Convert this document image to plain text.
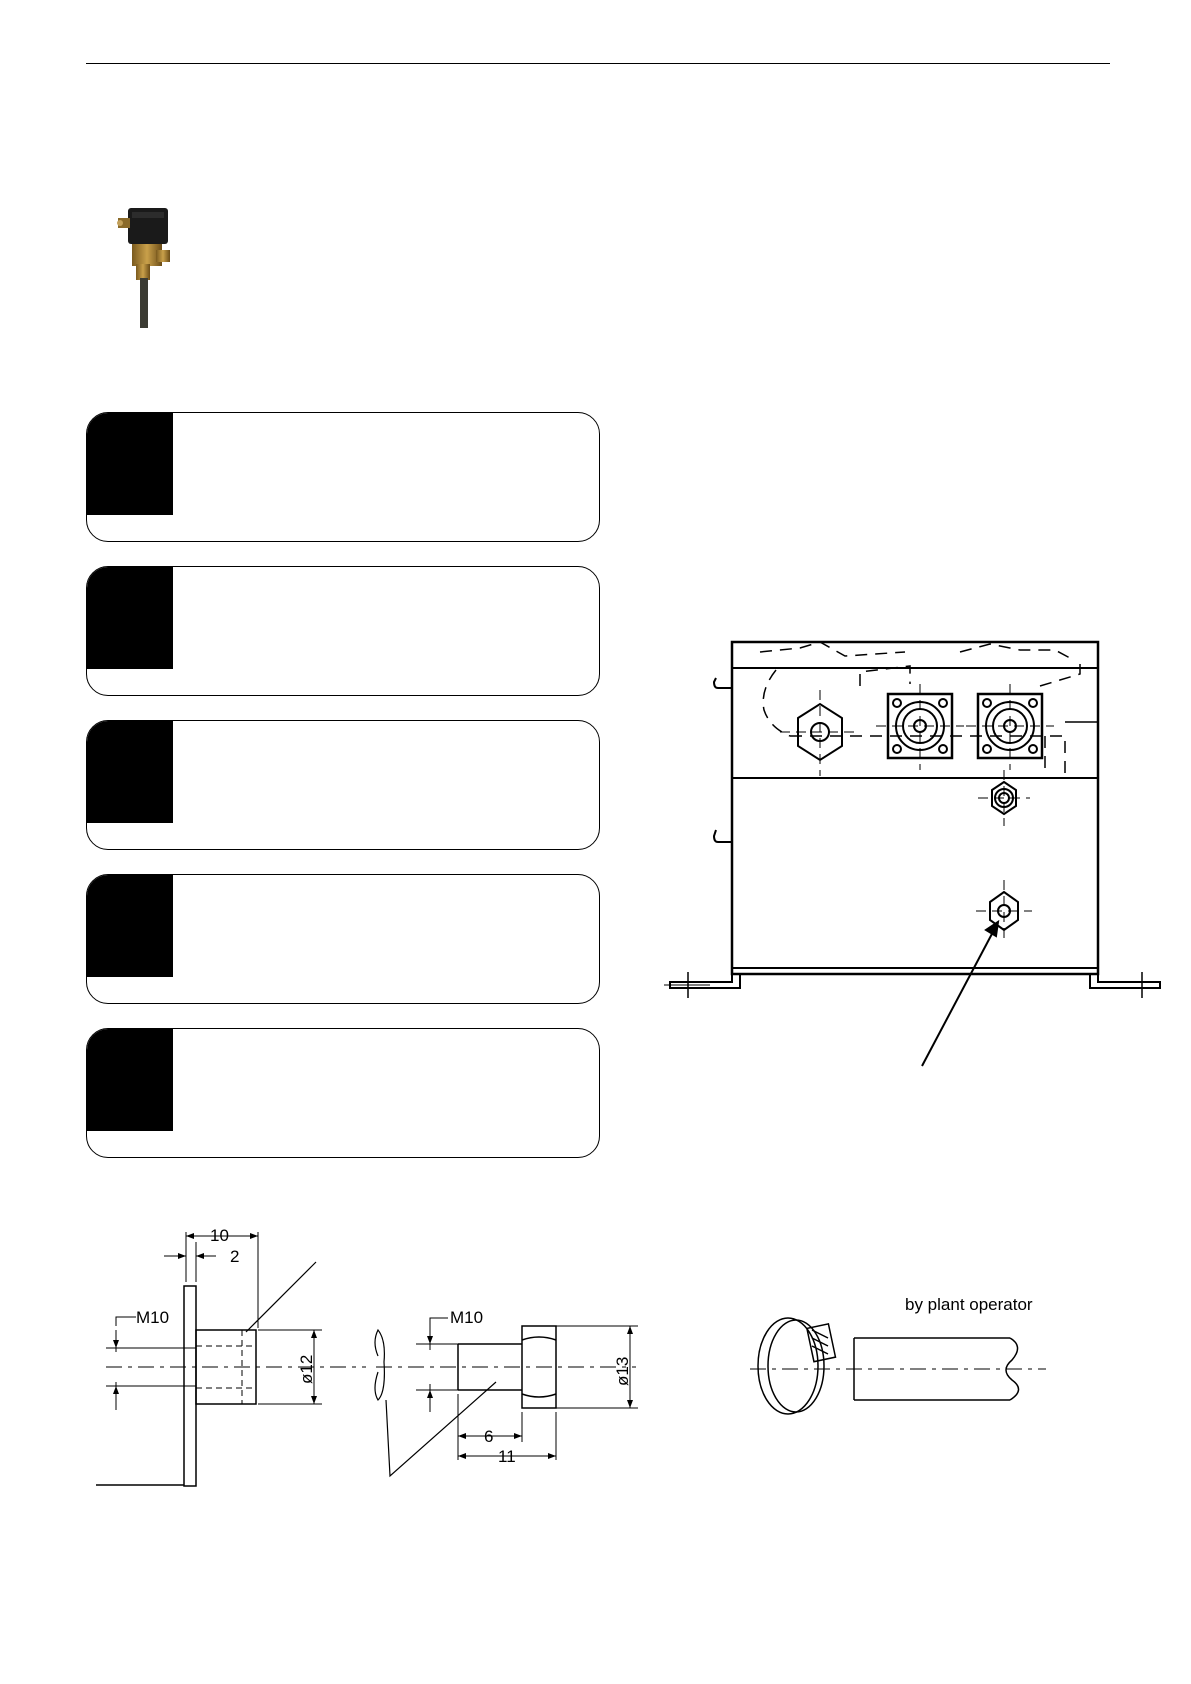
10
2
M10
ø12
M10
ø13
6
11
by plant operator
